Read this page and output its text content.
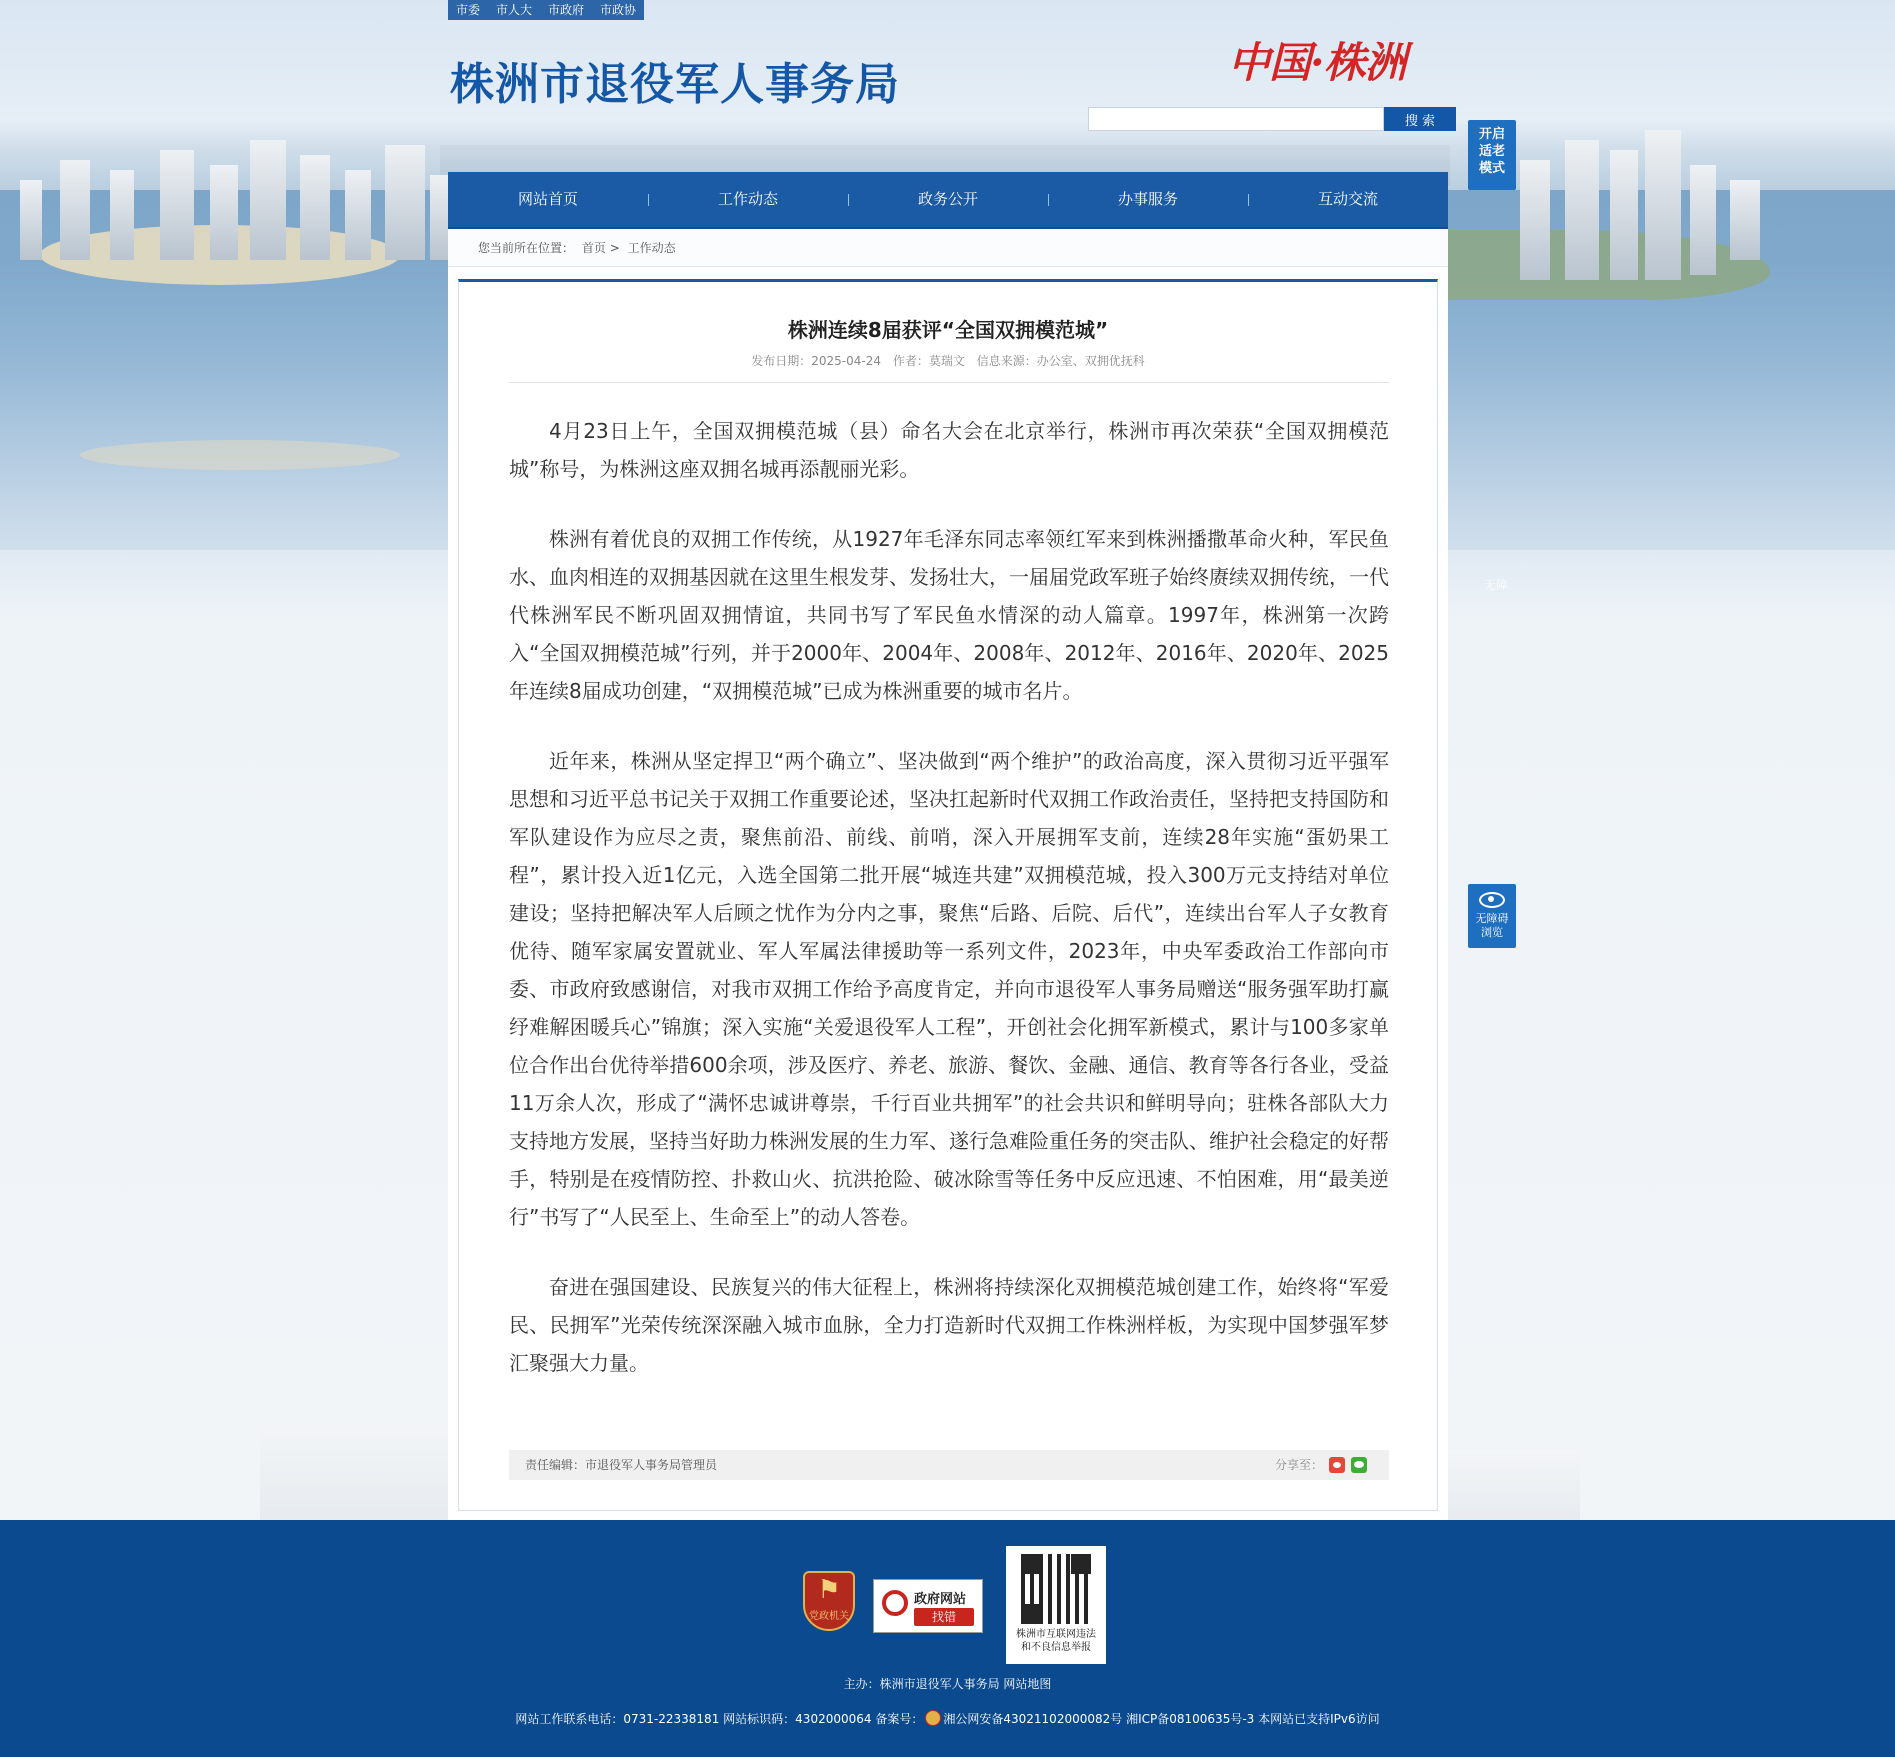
市委	市人大	市政府	市政协
株洲市退役军人事务局	中国·株洲
搜 索
开启适老模式
网站首页	工作动态	政务公开	办事服务	互动交流
您当前所在位置： 首页 > 工作动态
株洲连续8届获评“全国双拥模范城”
发布日期：2025-04-24 作者：莫瑞文 信息来源：办公室、双拥优抚科

4月23日上午，全国双拥模范城（县）命名大会在北京举行，株洲市再次荣获“全国双拥模范城”称号，为株洲这座双拥名城再添靓丽光彩。

株洲有着优良的双拥工作传统，从1927年毛泽东同志率领红军来到株洲播撒革命火种，军民鱼水、血肉相连的双拥基因就在这里生根发芽、发扬壮大，一届届党政军班子始终赓续双拥传统，一代代株洲军民不断巩固双拥情谊，共同书写了军民鱼水情深的动人篇章。1997年，株洲第一次跨入“全国双拥模范城”行列，并于2000年、2004年、2008年、2012年、2016年、2020年、2025年连续8届成功创建，“双拥模范城”已成为株洲重要的城市名片。

近年来，株洲从坚定捍卫“两个确立”、坚决做到“两个维护”的政治高度，深入贯彻习近平强军思想和习近平总书记关于双拥工作重要论述，坚决扛起新时代双拥工作政治责任，坚持把支持国防和军队建设作为应尽之责，聚焦前沿、前线、前哨，深入开展拥军支前，连续28年实施“蛋奶果工程”，累计投入近1亿元，入选全国第二批开展“城连共建”双拥模范城，投入300万元支持结对单位建设；坚持把解决军人后顾之忧作为分内之事，聚焦“后路、后院、后代”，连续出台军人子女教育优待、随军家属安置就业、军人军属法律援助等一系列文件，2023年，中央军委政治工作部向市委、市政府致感谢信，对我市双拥工作给予高度肯定，并向市退役军人事务局赠送“服务强军助打赢 纾难解困暖兵心”锦旗；深入实施“关爱退役军人工程”，开创社会化拥军新模式，累计与100多家单位合作出台优待举措600余项，涉及医疗、养老、旅游、餐饮、金融、通信、教育等各行各业，受益11万余人次，形成了“满怀忠诚讲尊崇，千行百业共拥军”的社会共识和鲜明导向；驻株各部队大力支持地方发展，坚持当好助力株洲发展的生力军、遂行急难险重任务的突击队、维护社会稳定的好帮手，特别是在疫情防控、扑救山火、抗洪抢险、破冰除雪等任务中反应迅速、不怕困难，用“最美逆行”书写了“人民至上、生命至上”的动人答卷。

奋进在强国建设、民族复兴的伟大征程上，株洲将持续深化双拥模范城创建工作，始终将“军爱民、民拥军”光荣传统深深融入城市血脉，全力打造新时代双拥工作株洲样板，为实现中国梦强军梦汇聚强大力量。

责任编辑：市退役军人事务局管理员	分享至：
无障
无障碍浏览
⚑
党政机关
政府网站
找错
株洲市互联网违法和不良信息举报
主办：株洲市退役军人事务局 网站地图
网站工作联系电话：0731-22338181 网站标识码：4302000064 备案号： 湘公网安备43021102000082号 湘ICP备08100635号-3 本网站已支持IPv6访问
